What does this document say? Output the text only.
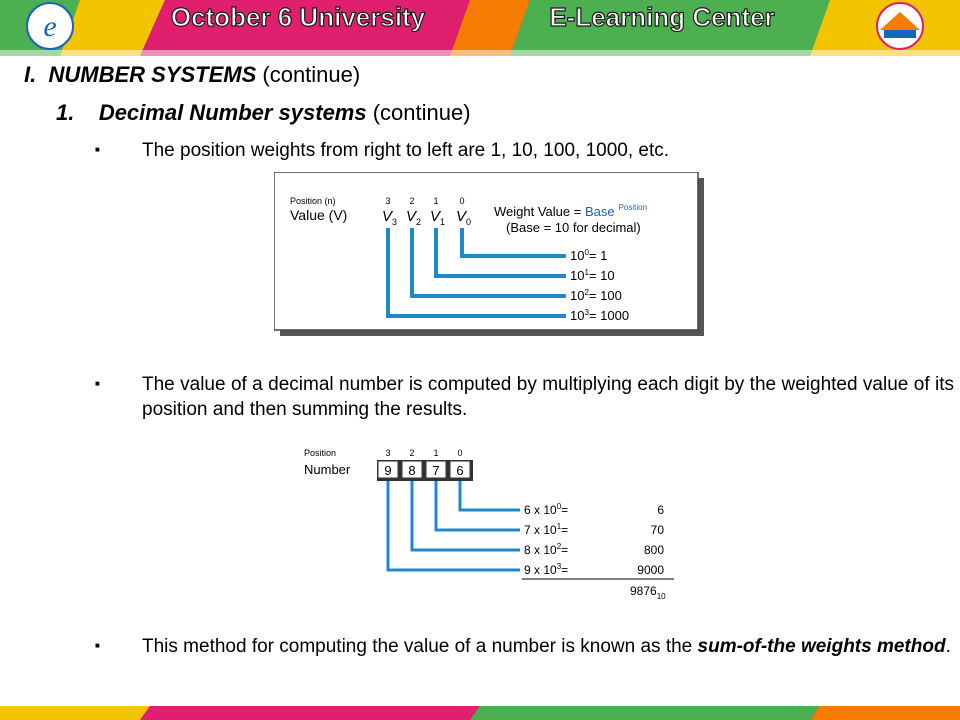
e	October 6 University	E-Learning Center
I. NUMBER SYSTEMS (continue)
1. Decimal Number systems (continue)
■ The position weights from right to left are 1, 10, 100, 1000, etc.
Position (n)
Value (V)
3 2 1 0
$V_3$ $V_2$ $V_1$ $V_0$
Weight Value = Base $^{Position}$
(Base = 10 for decimal)
$10^0= 1$
$10^1= 10$
$10^2= 100$
$10^3= 1000$
■ The value of a decimal number is computed by multiplying each digit by the weighted value of its position and then summing the results.
Position
Number
3 2 1 0
9 8 7 6
6 x $10^0=$
7 x $10^1=$
8 x $10^2=$
9 x $10^3=$
6
70
800
9000
$9876_{10}$
■ This method for computing the value of a number is known as the sum-of-the weights method.
